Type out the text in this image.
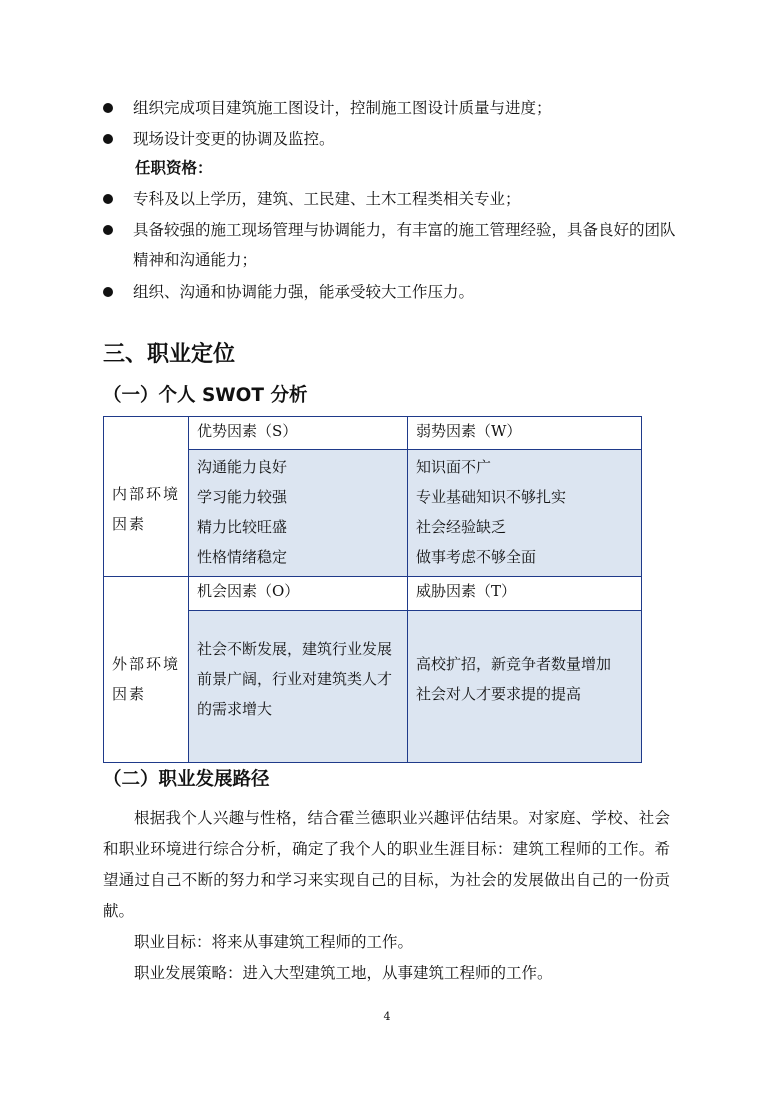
组织完成项目建筑施工图设计，控制施工图设计质量与进度；
现场设计变更的协调及监控。
任职资格：
专科及以上学历，建筑、工民建、土木工程类相关专业；
具备较强的施工现场管理与协调能力，有丰富的施工管理经验，具备良好的团队精神和沟通能力；
组织、沟通和协调能力强，能承受较大工作压力。
三、职业定位
（一）个人 SWOT 分析
内部环境因素
外部环境因素
优势因素（S）
沟通能力良好
学习能力较强
精力比较旺盛
性格情绪稳定
弱势因素（W）
知识面不广
专业基础知识不够扎实
社会经验缺乏
做事考虑不够全面
机会因素（O）
社会不断发展，建筑行业发展前景广阔，行业对建筑类人才的需求增大
威胁因素（T）
高校扩招，新竞争者数量增加
社会对人才要求提的提高
（二）职业发展路径
根据我个人兴趣与性格，结合霍兰德职业兴趣评估结果。对家庭、学校、社会和职业环境进行综合分析，确定了我个人的职业生涯目标：建筑工程师的工作。希望通过自己不断的努力和学习来实现自己的目标，为社会的发展做出自己的一份贡献。
职业目标：将来从事建筑工程师的工作。
职业发展策略：进入大型建筑工地，从事建筑工程师的工作。
4
